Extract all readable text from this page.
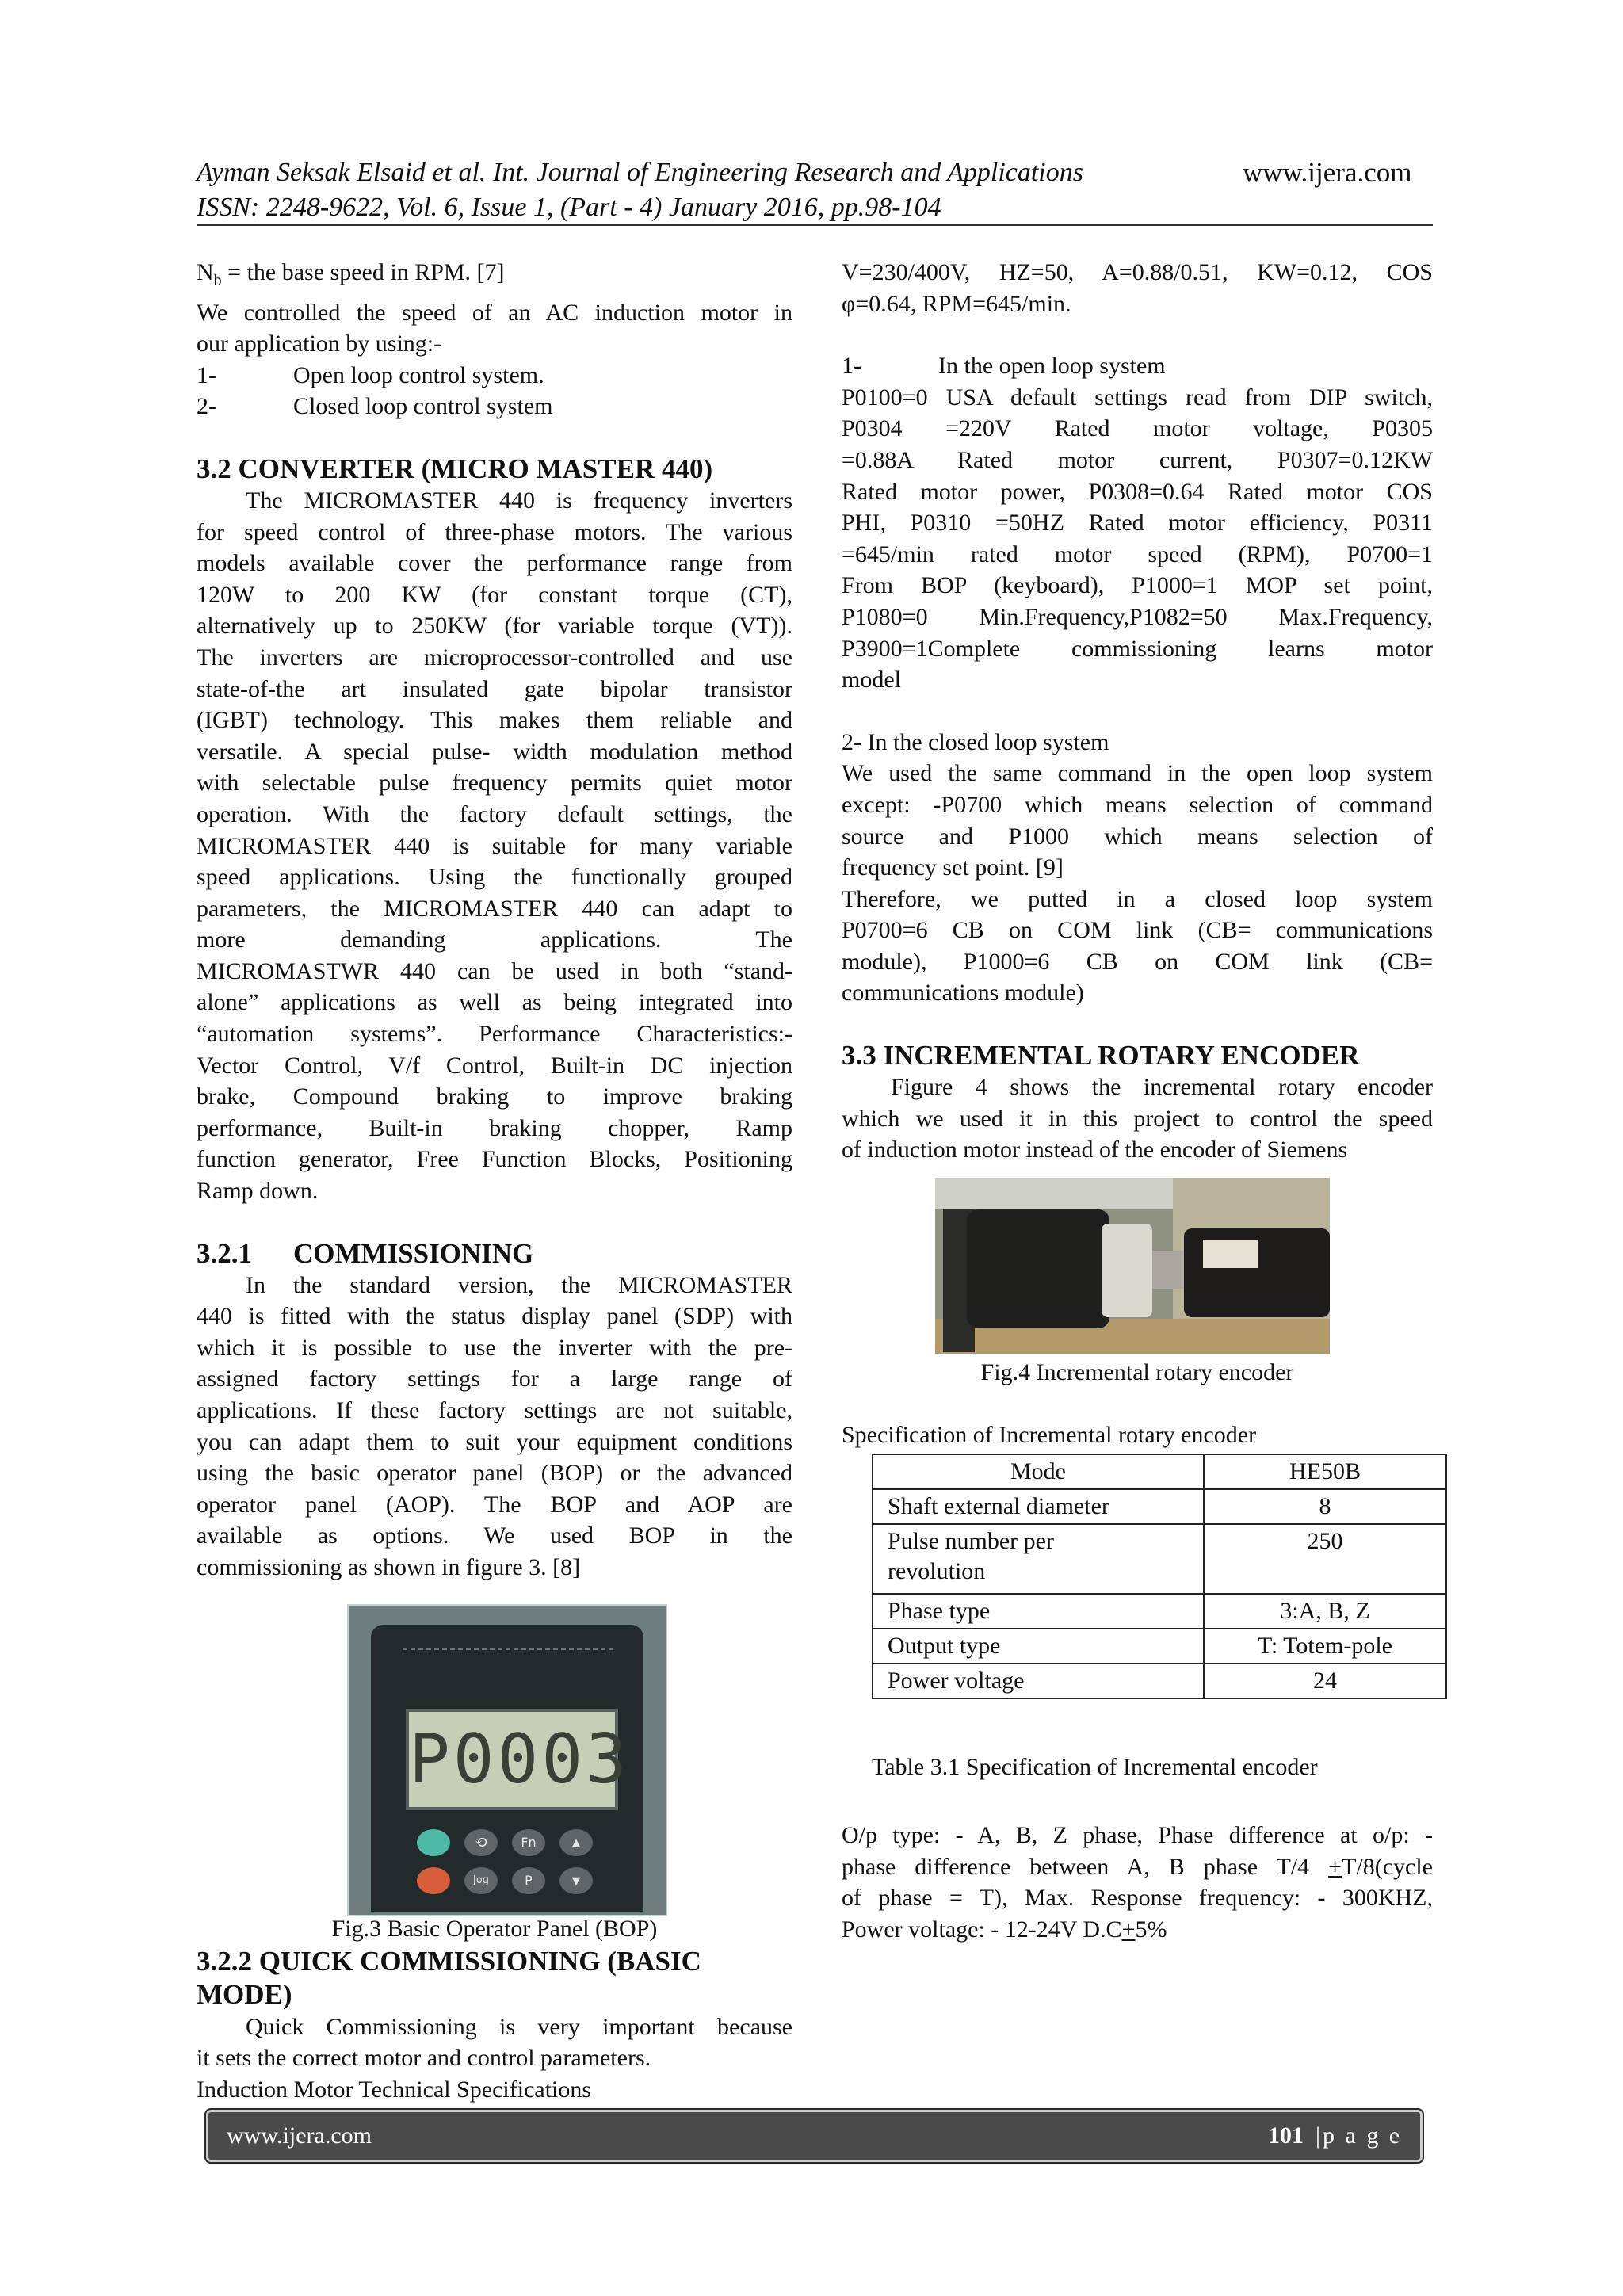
Ayman Seksak Elsaid et al. Int. Journal of Engineering Research and Applications	www.ijera.com
ISSN: 2248-9622, Vol. 6, Issue 1, (Part - 4) January 2016, pp.98-104

$N_b$ = the base speed in RPM. [7]

We controlled the speed of an AC induction motor in

our application by using:-

1-	Open loop control system.

2-	Closed loop control system

3.2 CONVERTER (MICRO MASTER 440)

The MICROMASTER 440 is frequency inverters

for speed control of three-phase motors. The various

models available cover the performance range from

120W to 200 KW (for constant torque (CT),

alternatively up to 250KW (for variable torque (VT)).

The inverters are microprocessor-controlled and use

state-of-the art insulated gate bipolar transistor

(IGBT) technology. This makes them reliable and

versatile. A special pulse- width modulation method

with selectable pulse frequency permits quiet motor

operation. With the factory default settings, the

MICROMASTER 440 is suitable for many variable

speed applications. Using the functionally grouped

parameters, the MICROMASTER 440 can adapt to

more demanding applications. The

MICROMASTWR 440 can be used in both “stand-

alone” applications as well as being integrated into

“automation systems”. Performance Characteristics:-

Vector Control, V/f Control, Built-in DC injection

brake, Compound braking to improve braking

performance, Built-in braking chopper, Ramp

function generator, Free Function Blocks, Positioning

Ramp down.

3.2.1 COMMISSIONING

In the standard version, the MICROMASTER

440 is fitted with the status display panel (SDP) with

which it is possible to use the inverter with the pre-

assigned factory settings for a large range of

applications. If these factory settings are not suitable,

you can adapt them to suit your equipment conditions

using the basic operator panel (BOP) or the advanced

operator panel (AOP). The BOP and AOP are

available as options. We used BOP in the

commissioning as shown in figure 3. [8]

P0003
⟲	Fn	▲
Jog	P	▼

Fig.3 Basic Operator Panel (BOP)

3.2.2 QUICK COMMISSIONING (BASIC

MODE)

Quick Commissioning is very important because

it sets the correct motor and control parameters.

Induction Motor Technical Specifications

V=230/400V, HZ=50, A=0.88/0.51, KW=0.12, COS

φ=0.64, RPM=645/min.

1-	In the open loop system

P0100=0 USA default settings read from DIP switch,

P0304 =220V Rated motor voltage, P0305

=0.88A Rated motor current, P0307=0.12KW

Rated motor power, P0308=0.64 Rated motor COS

PHI, P0310 =50HZ Rated motor efficiency, P0311

=645/min rated motor speed (RPM), P0700=1

From BOP (keyboard), P1000=1 MOP set point,

P1080=0 Min.Frequency,P1082=50 Max.Frequency,

P3900=1Complete commissioning learns motor

model

2- In the closed loop system

We used the same command in the open loop system

except: -P0700 which means selection of command

source and P1000 which means selection of

frequency set point. [9]

Therefore, we putted in a closed loop system

P0700=6 CB on COM link (CB= communications

module), P1000=6 CB on COM link (CB=

communications module)

3.3 INCREMENTAL ROTARY ENCODER

Figure 4 shows the incremental rotary encoder

which we used it in this project to control the speed

of induction motor instead of the encoder of Siemens

Fig.4 Incremental rotary encoder

Specification of Incremental rotary encoder

Mode	HE50B
Shaft external diameter	8
Pulse number per revolution	250
Phase type	3:A, B, Z
Output type	T: Totem-pole
Power voltage	24

Table 3.1 Specification of Incremental encoder

O/p type: - A, B, Z phase, Phase difference at o/p: -

phase difference between A, B phase T/4 +T/8(cycle

of phase = T), Max. Response frequency: - 300KHZ,

Power voltage: - 12-24V D.C+5%

www.ijera.com	101 |p a g e
